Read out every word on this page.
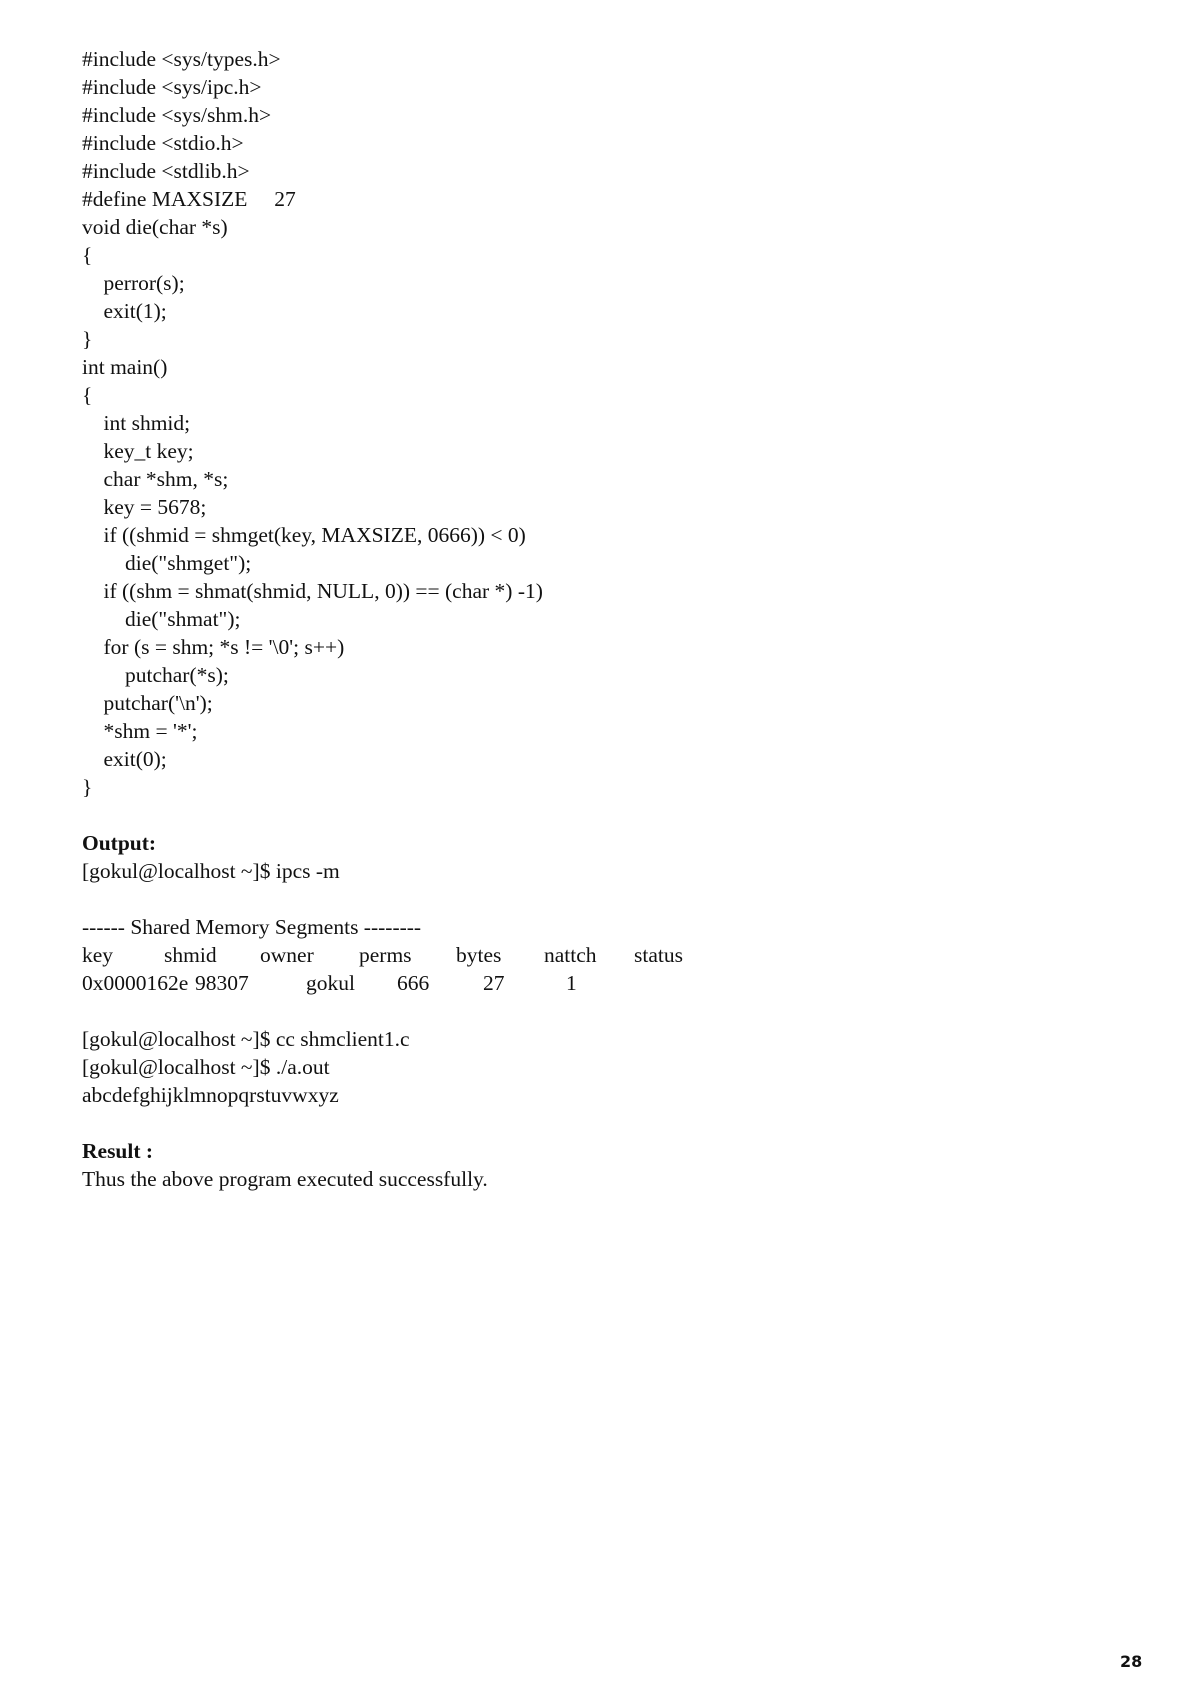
#include <sys/types.h>
#include <sys/ipc.h>
#include <sys/shm.h>
#include <stdio.h>
#include <stdlib.h>
#define MAXSIZE     27
void die(char *s)
{
perror(s);
exit(1);
}
int main()
{
int shmid;
key_t key;
char *shm, *s;
key = 5678;
if ((shmid = shmget(key, MAXSIZE, 0666)) < 0)
die("shmget");
if ((shm = shmat(shmid, NULL, 0)) == (char *) -1)
die("shmat");
for (s = shm; *s != '\0'; s++)
putchar(*s);
putchar('\n');
*shm = '*';
exit(0);
}
Output:
[gokul@localhost ~]$ ipcs -m
------ Shared Memory Segments --------
key shmid owner perms bytes nattch status
0x0000162e 98307	gokul 666	27	1
[gokul@localhost ~]$ cc shmclient1.c
[gokul@localhost ~]$ ./a.out
abcdefghijklmnopqrstuvwxyz
Result :
Thus the above program executed successfully.
28
